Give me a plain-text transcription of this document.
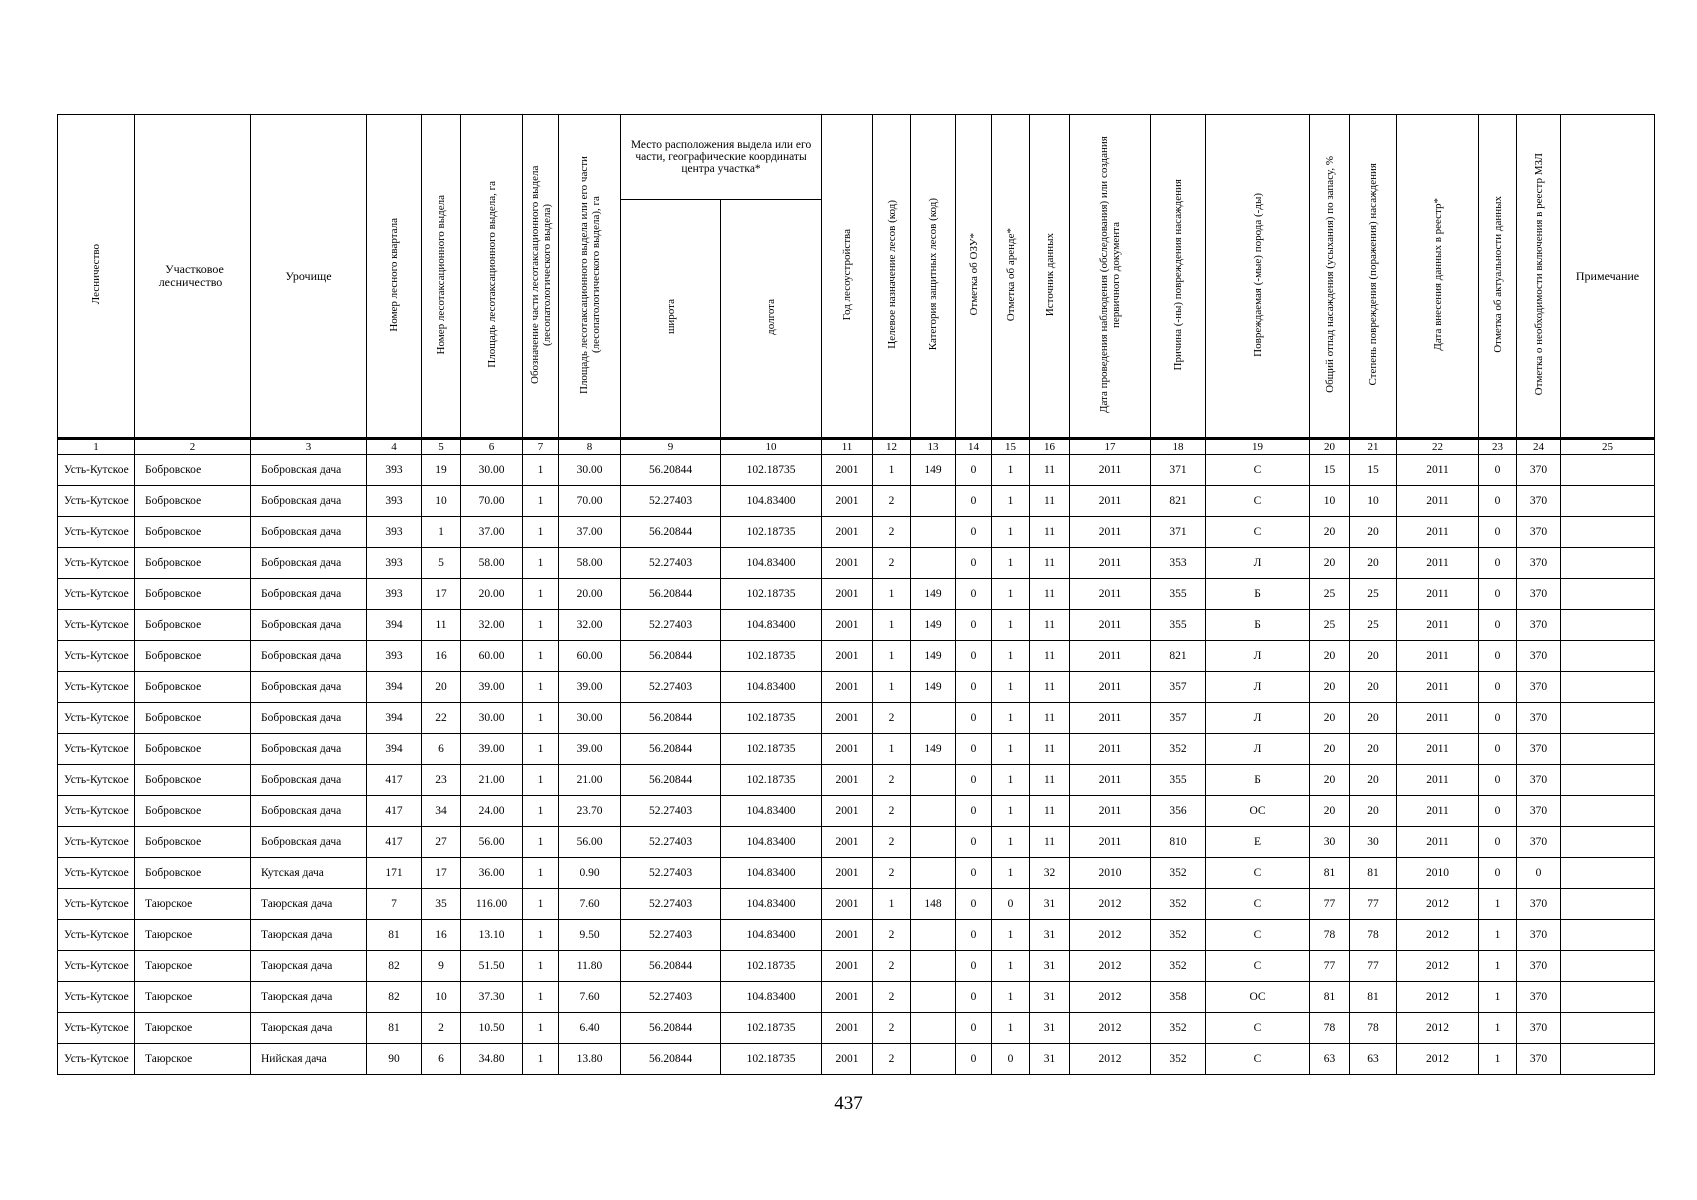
Лесничество	Участковое лесничество	Урочище	Номер лесного квартала	Номер лесотаксационного выдела	Площадь лесотаксационного выдела, га	Обозначение части лесотаксационного выдела (лесопатологического выдела)	Площадь лесотаксационного выдела или его части (лесопатологического выдела), га	Место расположения выдела или его части, географические координаты центра участка*		Год лесоустройства	Целевое назначение лесов (код)	Категория защитных лесов (код)	Отметка об ОЗУ*	Отметка об аренде*	Источник данных	Дата проведения наблюдения (обследования) или создания первичного документа	Причина (-ны) повреждения насаждения	Повреждаемая (-мые) порода (-ды)	Общий отпад насаждения (усыхания) по запасу, %	Степень повреждения (поражения) насаждения	Дата внесения данных в реестр*	Отметка об актуальности данных	Отметка о необходимости включения в реестр МЗЛ	Примечание
								широта	долгота															
1	2	3	4	5	6	7	8	9	10	11	12	13	14	15	16	17	18	19	20	21	22	23	24	25
Усть-Кутское	Бобровское	Бобровская дача	393	19	30.00	1	30.00	56.20844	102.18735	2001	1	149	0	1	11	2011	371	С	15	15	2011	0	370	
Усть-Кутское	Бобровское	Бобровская дача	393	10	70.00	1	70.00	52.27403	104.83400	2001	2		0	1	11	2011	821	С	10	10	2011	0	370	
Усть-Кутское	Бобровское	Бобровская дача	393	1	37.00	1	37.00	56.20844	102.18735	2001	2		0	1	11	2011	371	С	20	20	2011	0	370	
Усть-Кутское	Бобровское	Бобровская дача	393	5	58.00	1	58.00	52.27403	104.83400	2001	2		0	1	11	2011	353	Л	20	20	2011	0	370	
Усть-Кутское	Бобровское	Бобровская дача	393	17	20.00	1	20.00	56.20844	102.18735	2001	1	149	0	1	11	2011	355	Б	25	25	2011	0	370	
Усть-Кутское	Бобровское	Бобровская дача	394	11	32.00	1	32.00	52.27403	104.83400	2001	1	149	0	1	11	2011	355	Б	25	25	2011	0	370	
Усть-Кутское	Бобровское	Бобровская дача	393	16	60.00	1	60.00	56.20844	102.18735	2001	1	149	0	1	11	2011	821	Л	20	20	2011	0	370	
Усть-Кутское	Бобровское	Бобровская дача	394	20	39.00	1	39.00	52.27403	104.83400	2001	1	149	0	1	11	2011	357	Л	20	20	2011	0	370	
Усть-Кутское	Бобровское	Бобровская дача	394	22	30.00	1	30.00	56.20844	102.18735	2001	2		0	1	11	2011	357	Л	20	20	2011	0	370	
Усть-Кутское	Бобровское	Бобровская дача	394	6	39.00	1	39.00	56.20844	102.18735	2001	1	149	0	1	11	2011	352	Л	20	20	2011	0	370	
Усть-Кутское	Бобровское	Бобровская дача	417	23	21.00	1	21.00	56.20844	102.18735	2001	2		0	1	11	2011	355	Б	20	20	2011	0	370	
Усть-Кутское	Бобровское	Бобровская дача	417	34	24.00	1	23.70	52.27403	104.83400	2001	2		0	1	11	2011	356	ОС	20	20	2011	0	370	
Усть-Кутское	Бобровское	Бобровская дача	417	27	56.00	1	56.00	52.27403	104.83400	2001	2		0	1	11	2011	810	Е	30	30	2011	0	370	
Усть-Кутское	Бобровское	Кутская дача	171	17	36.00	1	0.90	52.27403	104.83400	2001	2		0	1	32	2010	352	С	81	81	2010	0	0	
Усть-Кутское	Таюрское	Таюрская дача	7	35	116.00	1	7.60	52.27403	104.83400	2001	1	148	0	0	31	2012	352	С	77	77	2012	1	370	
Усть-Кутское	Таюрское	Таюрская дача	81	16	13.10	1	9.50	52.27403	104.83400	2001	2		0	1	31	2012	352	С	78	78	2012	1	370	
Усть-Кутское	Таюрское	Таюрская дача	82	9	51.50	1	11.80	56.20844	102.18735	2001	2		0	1	31	2012	352	С	77	77	2012	1	370	
Усть-Кутское	Таюрское	Таюрская дача	82	10	37.30	1	7.60	52.27403	104.83400	2001	2		0	1	31	2012	358	ОС	81	81	2012	1	370	
Усть-Кутское	Таюрское	Таюрская дача	81	2	10.50	1	6.40	56.20844	102.18735	2001	2		0	1	31	2012	352	С	78	78	2012	1	370	
Усть-Кутское	Таюрское	Нийская дача	90	6	34.80	1	13.80	56.20844	102.18735	2001	2		0	0	31	2012	352	С	63	63	2012	1	370	
437
